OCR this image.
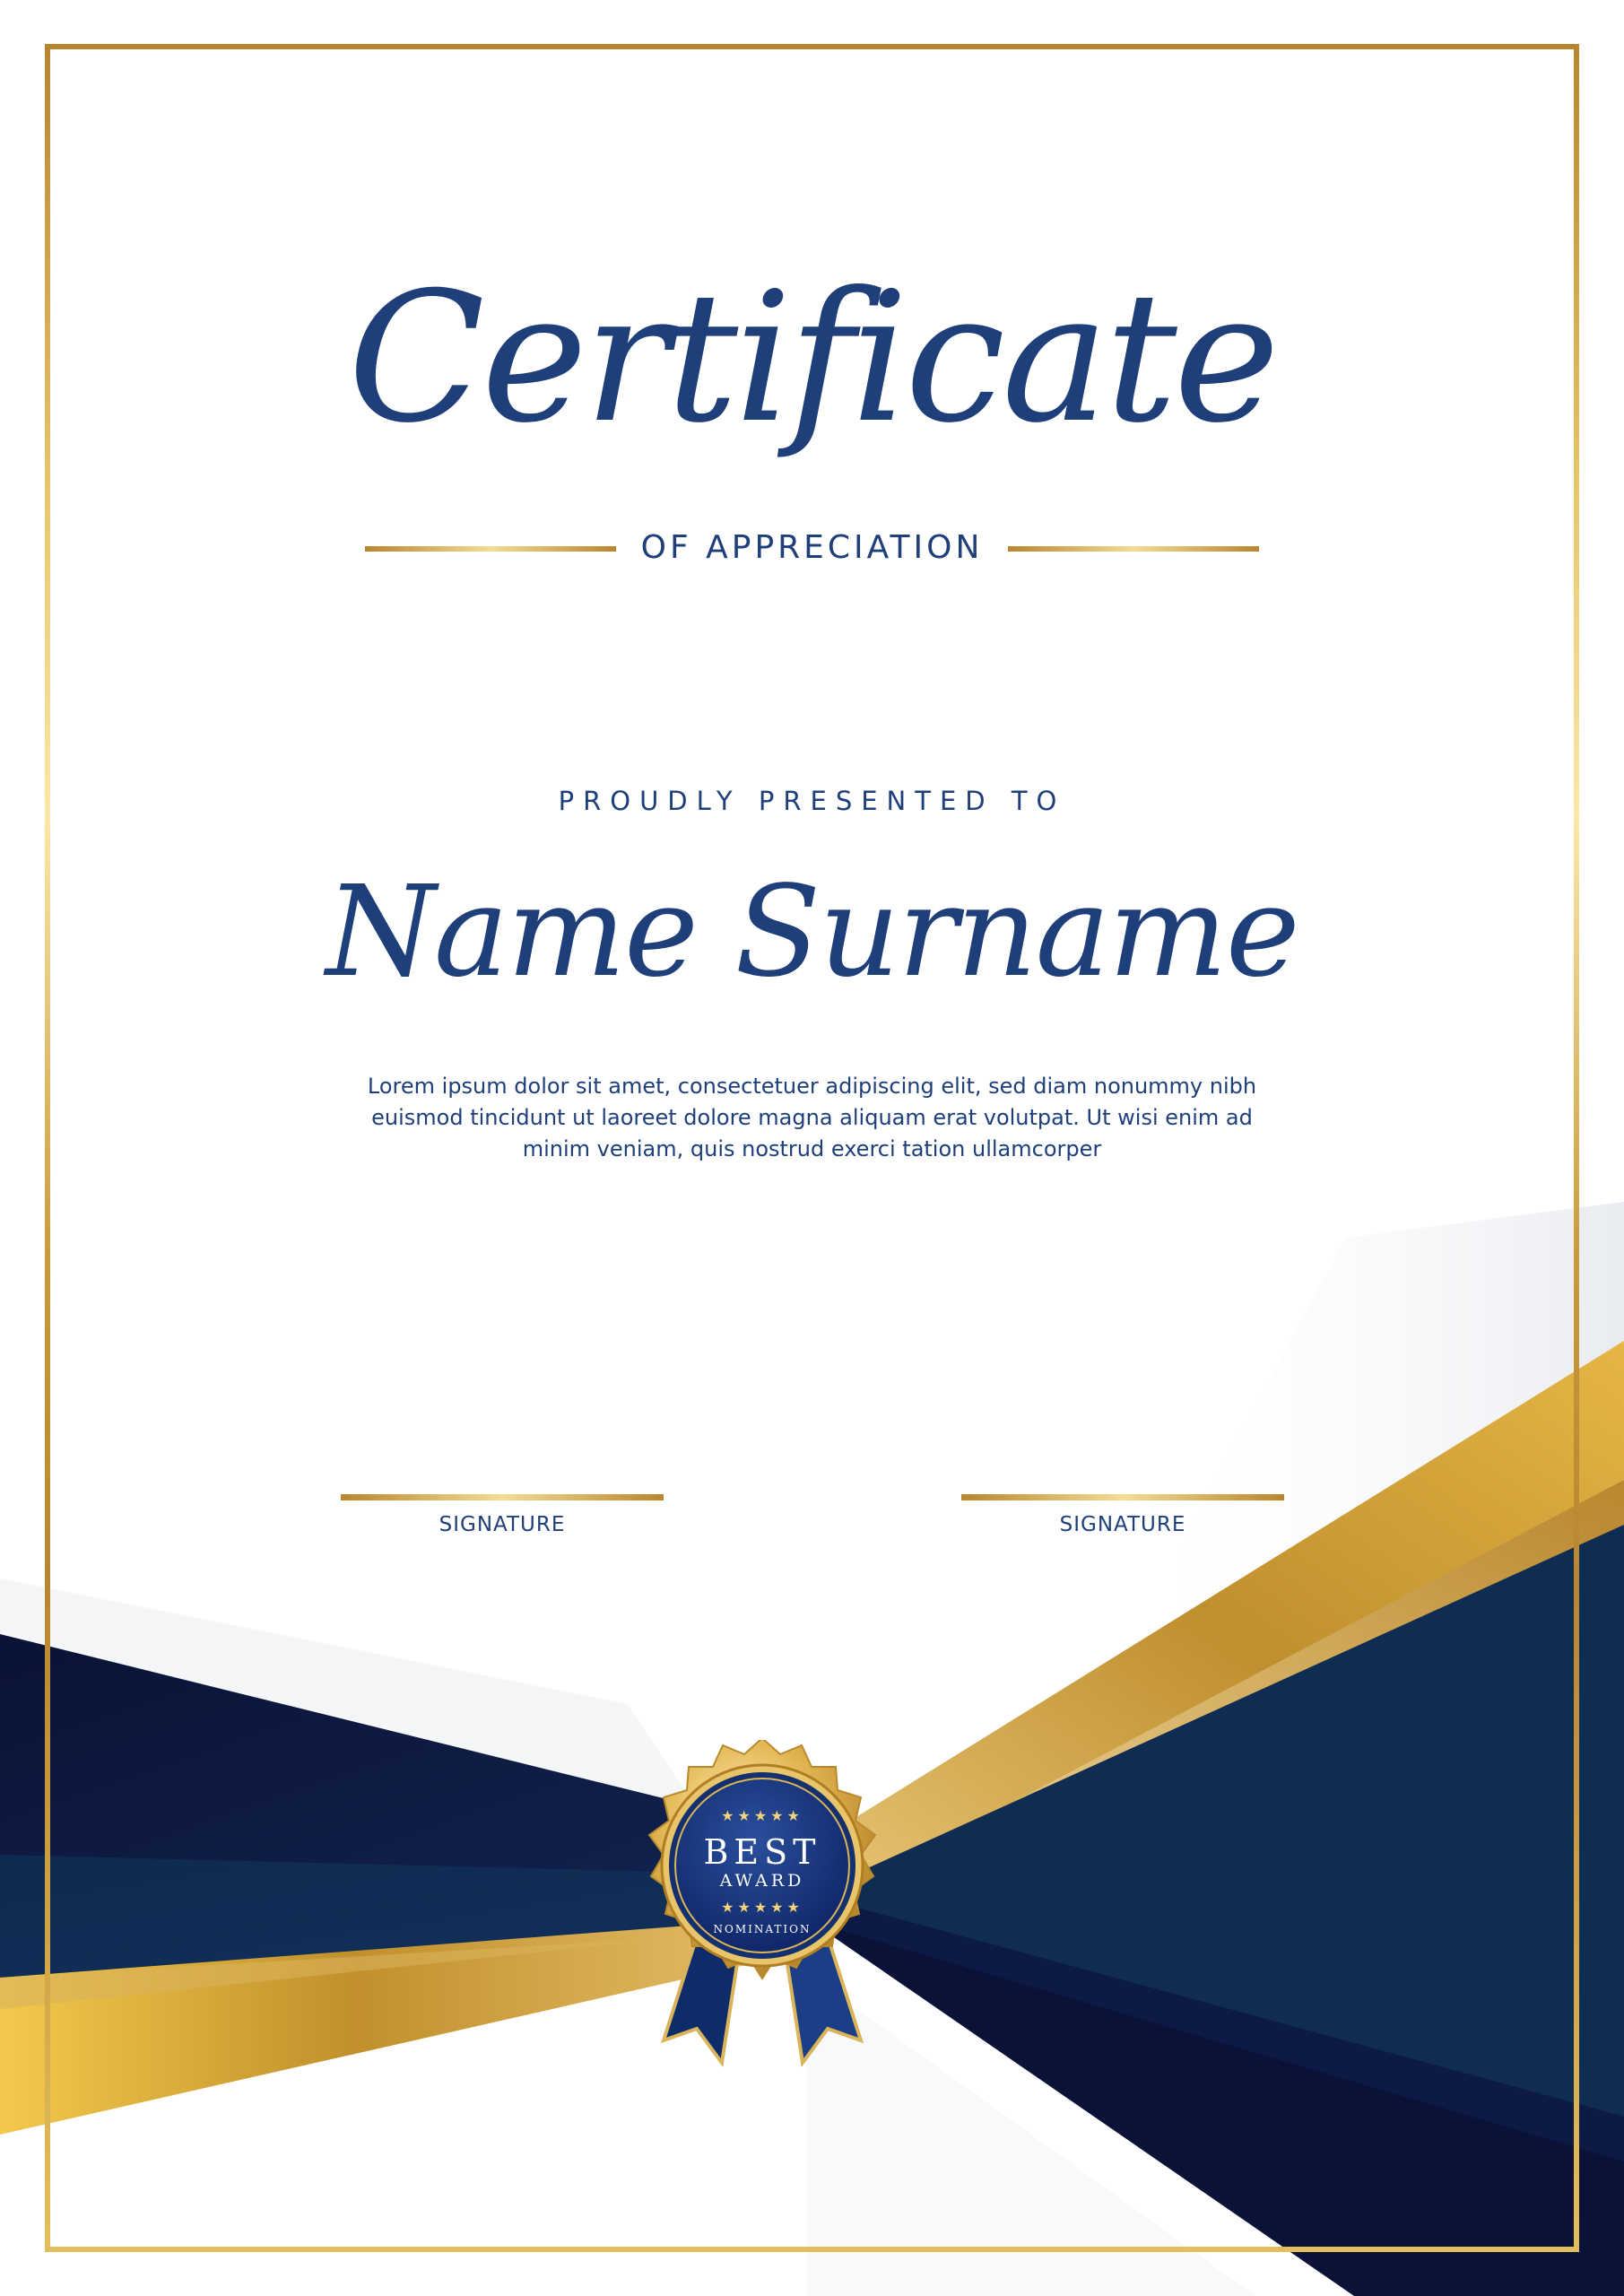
Certificate
OF APPRECIATION
PROUDLY PRESENTED TO
Name Surname
Lorem ipsum dolor sit amet, consectetuer adipiscing elit, sed diam nonummy nibh euismod tincidunt ut laoreet dolore magna aliquam erat volutpat. Ut wisi enim ad minim veniam, quis nostrud exerci tation ullamcorper
SIGNATURE	SIGNATURE
★★★★★
BEST
AWARD
★★★★★
NOMINATION
